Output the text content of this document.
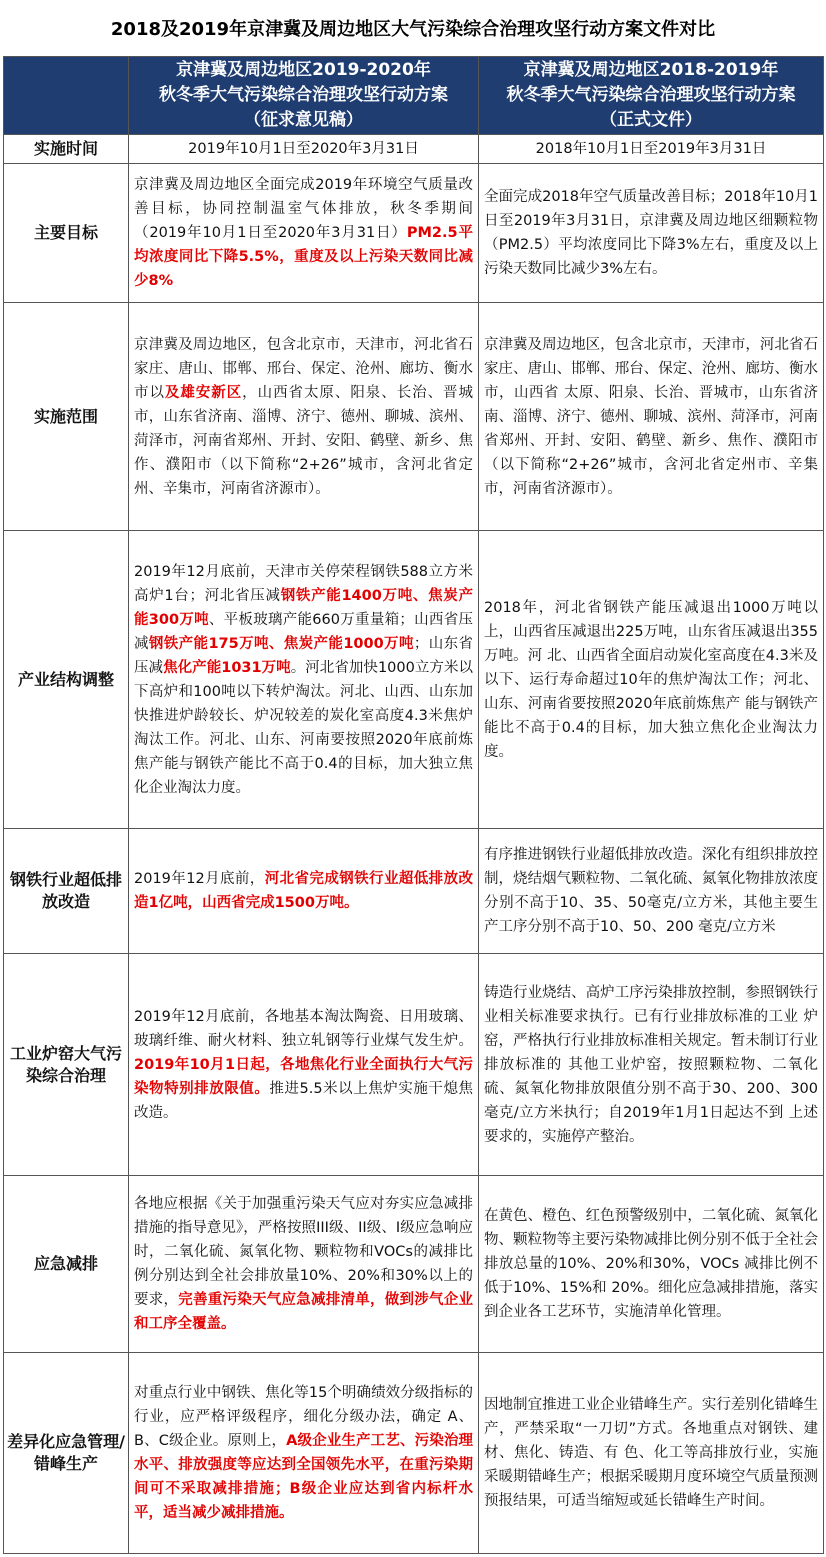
2018及2019年京津冀及周边地区大气污染综合治理攻坚行动方案文件对比

	京津冀及周边地区2019-2020年
秋冬季大气污染综合治理攻坚行动方案
（征求意见稿）	京津冀及周边地区2018-2019年
秋冬季大气污染综合治理攻坚行动方案
（正式文件）

实施时间	2019年10月1日至2020年3月31日	2018年10月1日至2019年3月31日
主要目标	京津冀及周边地区全面完成2019年环境空气质量改善目标，协同控制温室气体排放，秋冬季期间（2019年10月1日至2020年3月31日）PM2.5平均浓度同比下降5.5%，重度及以上污染天数同比减少8%	全面完成2018年空气质量改善目标；2018年10月1日至2019年3月31日，京津冀及周边地区细颗粒物（PM2.5）平均浓度同比下降3%左右，重度及以上污染天数同比减少3%左右。
实施范围	京津冀及周边地区，包含北京市，天津市，河北省石家庄、唐山、邯郸、邢台、保定、沧州、廊坊、衡水市以及雄安新区，山西省太原、阳泉、长治、晋城市，山东省济南、淄博、济宁、德州、聊城、滨州、菏泽市，河南省郑州、开封、安阳、鹤壁、新乡、焦作、濮阳市（以下简称“2+26”城市，含河北省定州、辛集市，河南省济源市）。	京津冀及周边地区，包含北京市，天津市，河北省石家庄、唐山、邯郸、邢台、保定、沧州、廊坊、衡水市，山西省 太原、阳泉、长治、晋城市，山东省济南、淄博、济宁、德州、聊城、滨州、菏泽市，河南省郑州、开封、安阳、鹤壁、新乡、焦作、濮阳市（以下简称“2+26”城市，含河北省定州市、辛集市，河南省济源市）。
产业结构调整	2019年12月底前，天津市关停荣程钢铁588立方米高炉1台；河北省压减钢铁产能1400万吨、焦炭产能300万吨、平板玻璃产能660万重量箱；山西省压减钢铁产能175万吨、焦炭产能1000万吨；山东省压减焦化产能1031万吨。河北省加快1000立方米以下高炉和100吨以下转炉淘汰。河北、山西、山东加快推进炉龄较长、炉况较差的炭化室高度4.3米焦炉淘汰工作。河北、山东、河南要按照2020年底前炼焦产能与钢铁产能比不高于0.4的目标，加大独立焦化企业淘汰力度。	2018年，河北省钢铁产能压减退出1000万吨以上，山西省压减退出225万吨，山东省压减退出355万吨。河 北、山西省全面启动炭化室高度在4.3米及以下、运行寿命超过10年的焦炉淘汰工作；河北、山东、河南省要按照2020年底前炼焦产 能与钢铁产能比不高于0.4的目标，加大独立焦化企业淘汰力度。
钢铁行业超低排放改造	2019年12月底前，河北省完成钢铁行业超低排放改造1亿吨，山西省完成1500万吨。	有序推进钢铁行业超低排放改造。深化有组织排放控制，烧结烟气颗粒物、二氧化硫、氮氧化物排放浓度分别不高于10、35、50毫克/立方米，其他主要生产工序分别不高于10、50、200 毫克/立方米
工业炉窑大气污染综合治理	2019年12月底前，各地基本淘汰陶瓷、日用玻璃、玻璃纤维、耐火材料、独立轧钢等行业煤气发生炉。2019年10月1日起，各地焦化行业全面执行大气污染物特别排放限值。推进5.5米以上焦炉实施干熄焦改造。	铸造行业烧结、高炉工序污染排放控制，参照钢铁行业相关标准要求执行。已有行业排放标准的工业 炉窑，严格执行行业排放标准相关规定。暂未制订行业排放标准的 其他工业炉窑，按照颗粒物、二氧化硫、氮氧化物排放限值分别不高于30、200、300毫克/立方米执行；自2019年1月1日起达不到 上述要求的，实施停产整治。
应急减排	各地应根据《关于加强重污染天气应对夯实应急减排措施的指导意见》，严格按照III级、II级、I级应急响应时，二氧化硫、氮氧化物、颗粒物和VOCs的减排比例分别达到全社会排放量10%、20%和30%以上的要求，完善重污染天气应急减排清单，做到涉气企业和工序全覆盖。	在黄色、橙色、红色预警级别中，二氧化硫、氮氧化物、颗粒物等主要污染物减排比例分别不低于全社会排放总量的10%、20%和30%，VOCs 减排比例不低于10%、15%和 20%。细化应急减排措施，落实到企业各工艺环节，实施清单化管理。
差异化应急管理/错峰生产	对重点行业中钢铁、焦化等15个明确绩效分级指标的行业，应严格评级程序，细化分级办法，确定 A、B、C级企业。原则上，A级企业生产工艺、污染治理水平、排放强度等应达到全国领先水平，在重污染期间可不采取减排措施；B级企业应达到省内标杆水平，适当减少减排措施。	因地制宜推进工业企业错峰生产。实行差别化错峰生产，严禁采取“一刀切”方式。各地重点对钢铁、建材、焦化、铸造、有 色、化工等高排放行业，实施采暖期错峰生产；根据采暖期月度环境空气质量预测预报结果，可适当缩短或延长错峰生产时间。
